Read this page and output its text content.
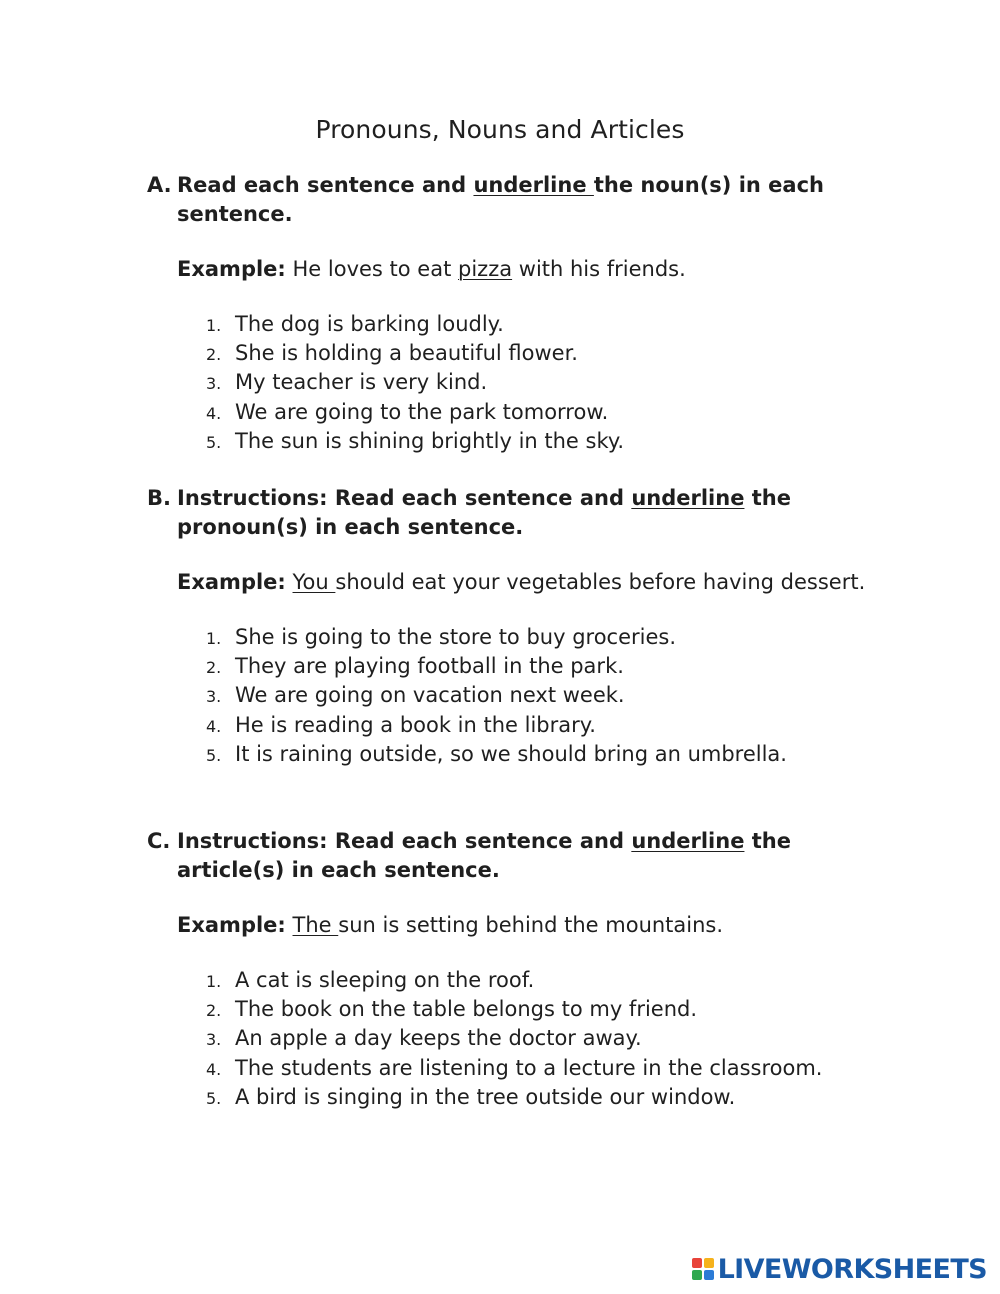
Pronouns, Nouns and Articles

A. Read each sentence and underline the noun(s) in each sentence.

Example: He loves to eat pizza with his friends.
1. The dog is barking loudly.
2. She is holding a beautiful flower.
3. My teacher is very kind.
4. We are going to the park tomorrow.
5. The sun is shining brightly in the sky.

B. Instructions: Read each sentence and underline the pronoun(s) in each sentence.

Example: You should eat your vegetables before having dessert.
1. She is going to the store to buy groceries.
2. They are playing football in the park.
3. We are going on vacation next week.
4. He is reading a book in the library.
5. It is raining outside, so we should bring an umbrella.

C. Instructions: Read each sentence and underline the article(s) in each sentence.

Example: The sun is setting behind the mountains.
1. A cat is sleeping on the roof.
2. The book on the table belongs to my friend.
3. An apple a day keeps the doctor away.
4. The students are listening to a lecture in the classroom.
5. A bird is singing in the tree outside our window.
LIVEWORKSHEETS
